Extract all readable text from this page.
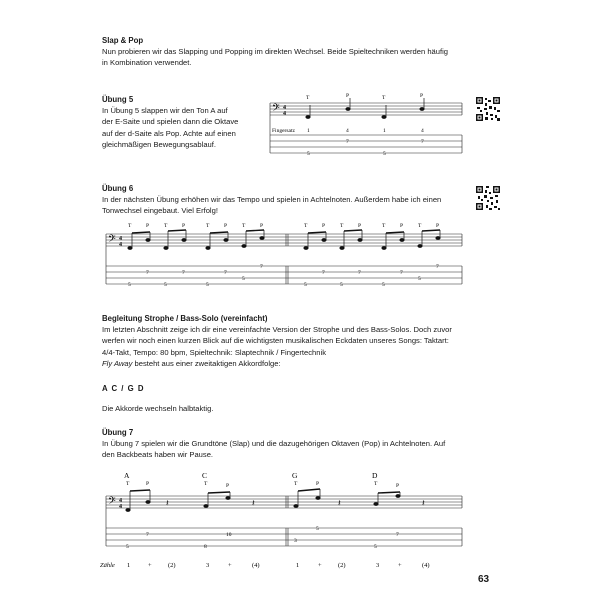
Slap & Pop

Nun probieren wir das Slapping und Popping im direkten Wechsel. Beide Spieltechniken werden häufig

in Kombination verwendet.

Übung 5

In Übung 5 slappen wir den Ton A auf

der E-Saite und spielen dann die Oktave

auf der d-Saite als Pop. Achte auf einen

gleichmäßigen Bewegungsablauf.

𝄢 4
4
T	P	T	P
Fingersatz 1	4	1	4
5
7
5
7

Übung 6

In der nächsten Übung erhöhen wir das Tempo und spielen in Achtelnoten. Außerdem habe ich einen

Tonwechsel eingebaut. Viel Erfolg!

𝄢 4
4
T	P	T	P	T	P	T	P	T	P	T	P	T	P	T	P
5
7
5
7
5
7
5
7
5
7
5
7
5
7
5
7

Begleitung Strophe / Bass-Solo (vereinfacht)

Im letzten Abschnitt zeige ich dir eine vereinfachte Version der Strophe und des Bass-Solos. Doch zuvor

werfen wir noch einen kurzen Blick auf die wichtigsten musikalischen Eckdaten unseres Songs: Taktart:

4/4-Takt, Tempo: 80 bpm, Spieltechnik: Slaptechnik / Fingertechnik

Fly Away besteht aus einer zweitaktigen Akkordfolge:

A C / G D
Die Akkorde wechseln halbtaktig.

Übung 7

In Übung 7 spielen wir die Grundtöne (Slap) und die dazugehörigen Oktaven (Pop) in Achtelnoten. Auf

den Backbeats haben wir Pause.

𝄢 4
4
A	C	G	D
T	P	T	P	T	P	T	P
𝄽	𝄽	𝄽	𝄽
5
7
8
10
3
5
5
7
Zähle 1	+	(2)	3	+	(4)	1	+	(2)	3	+	(4)
63
